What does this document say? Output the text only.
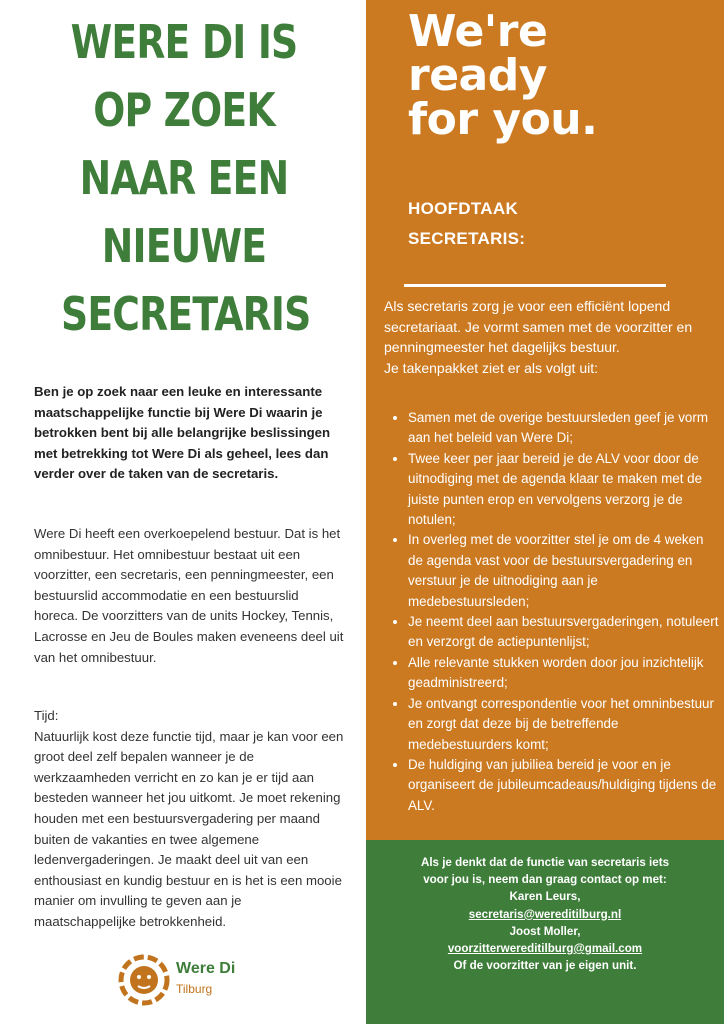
WERE DI IS
OP ZOEK
NAAR EEN
NIEUWE
SECRETARIS

Ben je op zoek naar een leuke en interessante maatschappelijke functie bij Were Di waarin je betrokken bent bij alle belangrijke beslissingen met betrekking tot Were Di als geheel, lees dan verder over de taken van de secretaris.

Were Di heeft een overkoepelend bestuur. Dat is het omnibestuur. Het omnibestuur bestaat uit een voorzitter, een secretaris, een penningmeester, een bestuurslid accommodatie en een bestuurslid horeca. De voorzitters van de units Hockey, Tennis, Lacrosse en Jeu de Boules maken eveneens deel uit van het omnibestuur.

Tijd:
Natuurlijk kost deze functie tijd, maar je kan voor een groot deel zelf bepalen wanneer je de werkzaamheden verricht en zo kan je er tijd aan besteden wanneer het jou uitkomt. Je moet rekening houden met een bestuursvergadering per maand buiten de vakanties en twee algemene ledenvergaderingen. Je maakt deel uit van een enthousiast en kundig bestuur en is het is een mooie manier om invulling te geven aan je maatschappelijke betrokkenheid.
Were Di
Tilburg
We're
ready
for you.
HOOFDTAAK SECRETARIS:
Als secretaris zorg je voor een efficiënt lopend secretariaat. Je vormt samen met de voorzitter en penningmeester het dagelijks bestuur.
Je takenpakket ziet er als volgt uit:
• Samen met de overige bestuursleden geef je vorm aan het beleid van Were Di;
• Twee keer per jaar bereid je de ALV voor door de uitnodiging met de agenda klaar te maken met de juiste punten erop en vervolgens verzorg je de notulen;
• In overleg met de voorzitter stel je om de 4 weken de agenda vast voor de bestuursvergadering en verstuur je de uitnodiging aan je medebestuursleden;
• Je neemt deel aan bestuursvergaderingen, notuleert en verzorgt de actiepuntenlijst;
• Alle relevante stukken worden door jou inzichtelijk geadministreerd;
• Je ontvangt correspondentie voor het omninbestuur en zorgt dat deze bij de betreffende medebestuurders komt;
• De huldiging van jubiliea bereid je voor en je organiseert de jubileumcadeaus/huldiging tijdens de ALV.
Als je denkt dat de functie van secretaris iets
voor jou is, neem dan graag contact op met:
Karen Leurs,
secretaris@wereditilburg.nl
Joost Moller,
voorzitterwereditilburg@gmail.com
Of de voorzitter van je eigen unit.
